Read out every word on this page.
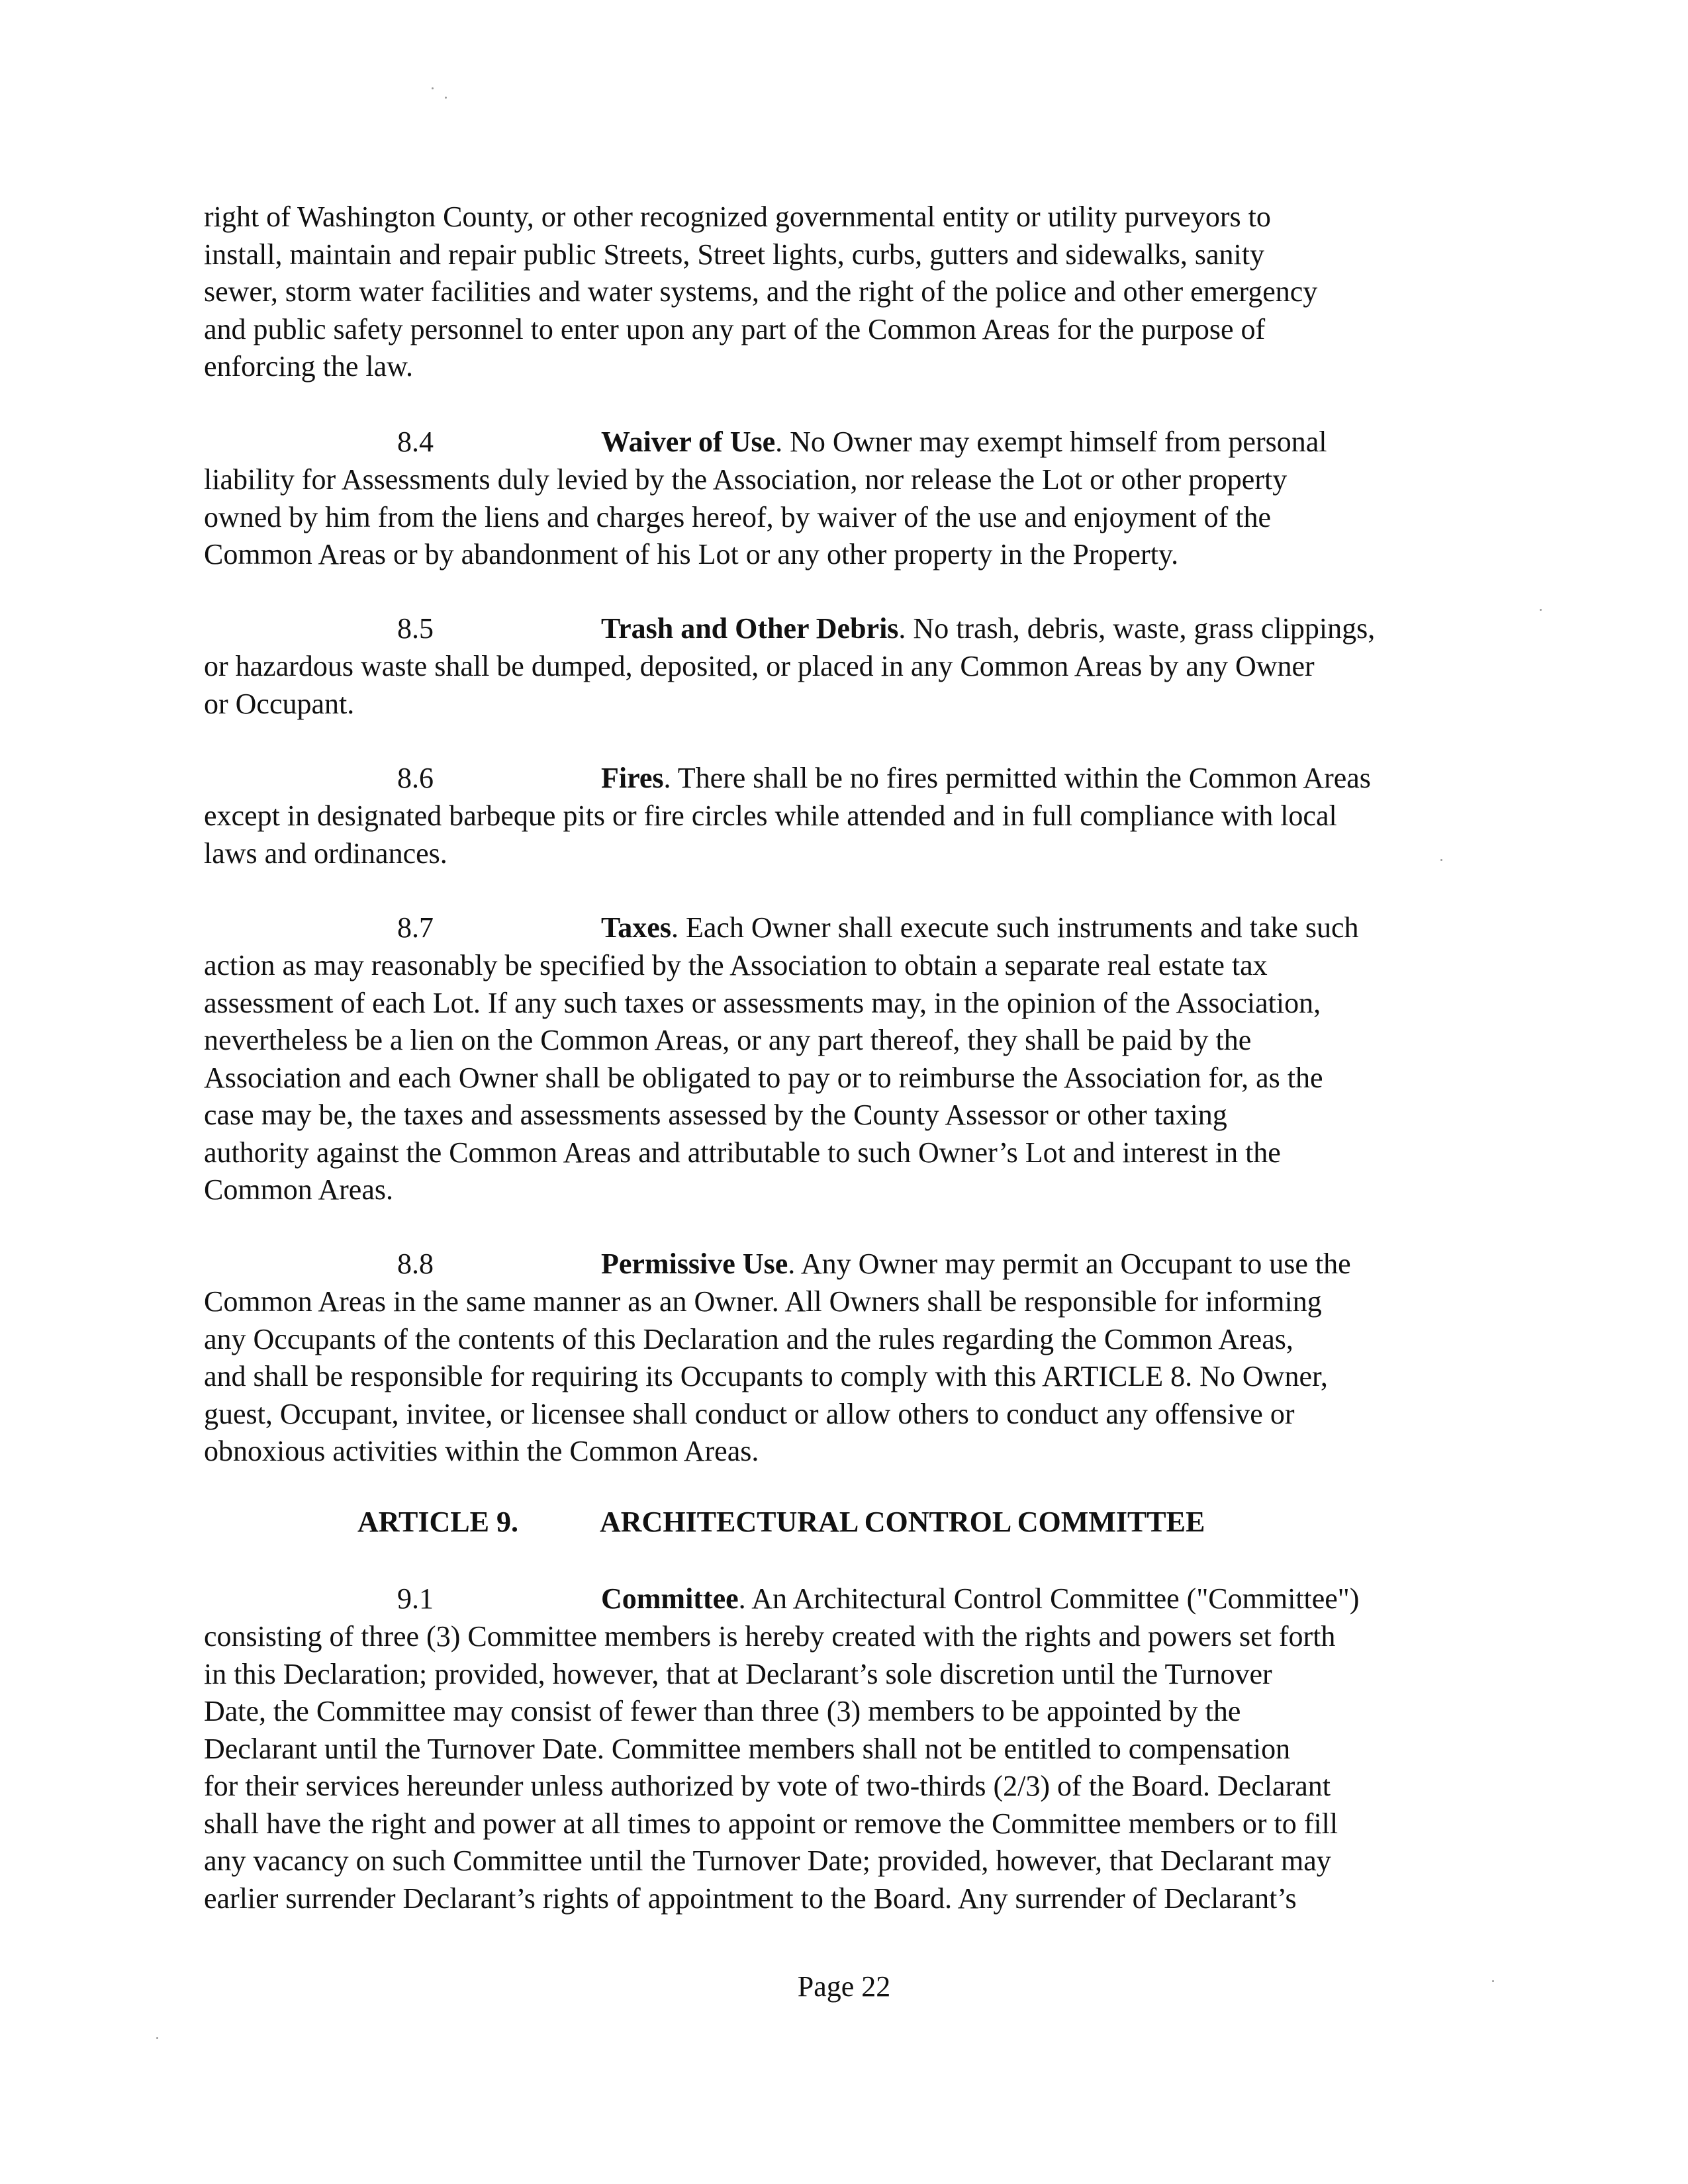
right of Washington County, or other recognized governmental entity or utility purveyors to
install, maintain and repair public Streets, Street lights, curbs, gutters and sidewalks, sanity
sewer, storm water facilities and water systems, and the right of the police and other emergency
and public safety personnel to enter upon any part of the Common Areas for the purpose of
enforcing the law.

8.4	Waiver of Use. No Owner may exempt himself from personal

liability for Assessments duly levied by the Association, nor release the Lot or other property
owned by him from the liens and charges hereof, by waiver of the use and enjoyment of the
Common Areas or by abandonment of his Lot or any other property in the Property.

8.5	Trash and Other Debris. No trash, debris, waste, grass clippings,

or hazardous waste shall be dumped, deposited, or placed in any Common Areas by any Owner
or Occupant.

8.6	Fires. There shall be no fires permitted within the Common Areas

except in designated barbeque pits or fire circles while attended and in full compliance with local
laws and ordinances.

8.7	Taxes. Each Owner shall execute such instruments and take such

action as may reasonably be specified by the Association to obtain a separate real estate tax
assessment of each Lot. If any such taxes or assessments may, in the opinion of the Association,
nevertheless be a lien on the Common Areas, or any part thereof, they shall be paid by the
Association and each Owner shall be obligated to pay or to reimburse the Association for, as the
case may be, the taxes and assessments assessed by the County Assessor or other taxing
authority against the Common Areas and attributable to such Owner’s Lot and interest in the
Common Areas.

8.8	Permissive Use. Any Owner may permit an Occupant to use the

Common Areas in the same manner as an Owner. All Owners shall be responsible for informing
any Occupants of the contents of this Declaration and the rules regarding the Common Areas,
and shall be responsible for requiring its Occupants to comply with this ARTICLE 8. No Owner,
guest, Occupant, invitee, or licensee shall conduct or allow others to conduct any offensive or
obnoxious activities within the Common Areas.

ARTICLE 9.	ARCHITECTURAL CONTROL COMMITTEE

9.1	Committee. An Architectural Control Committee ("Committee")

consisting of three (3) Committee members is hereby created with the rights and powers set forth
in this Declaration; provided, however, that at Declarant’s sole discretion until the Turnover
Date, the Committee may consist of fewer than three (3) members to be appointed by the
Declarant until the Turnover Date. Committee members shall not be entitled to compensation
for their services hereunder unless authorized by vote of two-thirds (2/3) of the Board. Declarant
shall have the right and power at all times to appoint or remove the Committee members or to fill
any vacancy on such Committee until the Turnover Date; provided, however, that Declarant may
earlier surrender Declarant’s rights of appointment to the Board. Any surrender of Declarant’s

Page 22
